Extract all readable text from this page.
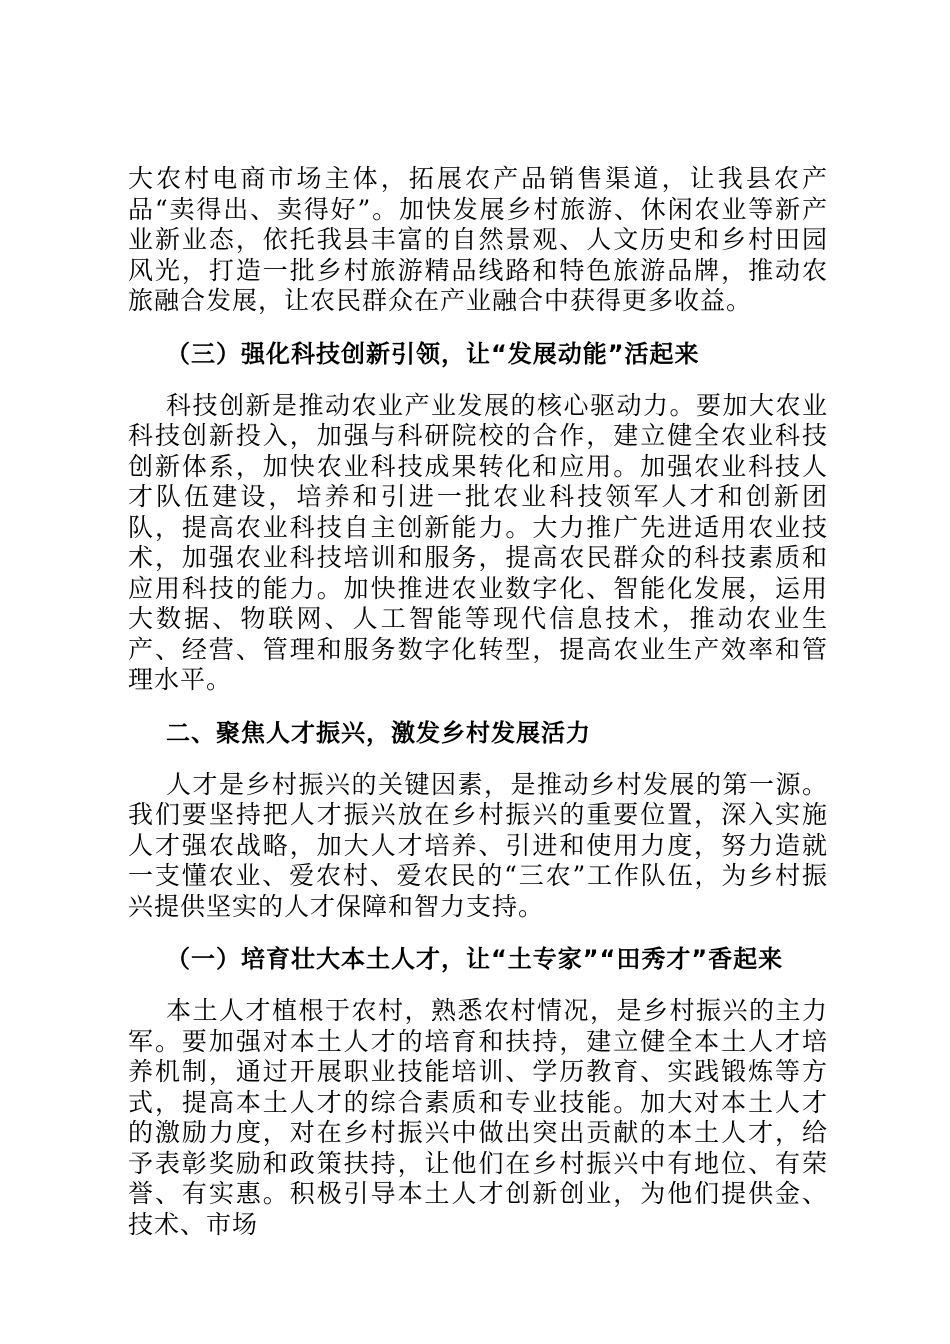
大农村电商市场主体，拓展农产品销售渠道，让我县农产品“卖得出、卖得好”。加快发展乡村旅游、休闲农业等新产业新业态，依托我县丰富的自然景观、人文历史和乡村田园风光，打造一批乡村旅游精品线路和特色旅游品牌，推动农旅融合发展，让农民群众在产业融合中获得更多收益。

（三）强化科技创新引领，让“发展动能”活起来

科技创新是推动农业产业发展的核心驱动力。要加大农业科技创新投入，加强与科研院校的合作，建立健全农业科技创新体系，加快农业科技成果转化和应用。加强农业科技人才队伍建设，培养和引进一批农业科技领军人才和创新团队，提高农业科技自主创新能力。大力推广先进适用农业技术，加强农业科技培训和服务，提高农民群众的科技素质和应用科技的能力。加快推进农业数字化、智能化发展，运用大数据、物联网、人工智能等现代信息技术，推动农业生产、经营、管理和服务数字化转型，提高农业生产效率和管理水平。

二、聚焦人才振兴，激发乡村发展活力

人才是乡村振兴的关键因素，是推动乡村发展的第一源。我们要坚持把人才振兴放在乡村振兴的重要位置，深入实施人才强农战略，加大人才培养、引进和使用力度，努力造就一支懂农业、爱农村、爱农民的“三农”工作队伍，为乡村振兴提供坚实的人才保障和智力支持。

（一）培育壮大本土人才，让“土专家”“田秀才”香起来

本土人才植根于农村，熟悉农村情况，是乡村振兴的主力军。要加强对本土人才的培育和扶持，建立健全本土人才培养机制，通过开展职业技能培训、学历教育、实践锻炼等方式，提高本土人才的综合素质和专业技能。加大对本土人才的激励力度，对在乡村振兴中做出突出贡献的本土人才，给予表彰奖励和政策扶持，让他们在乡村振兴中有地位、有荣誉、有实惠。积极引导本土人才创新创业，为他们提供金、技术、市场
